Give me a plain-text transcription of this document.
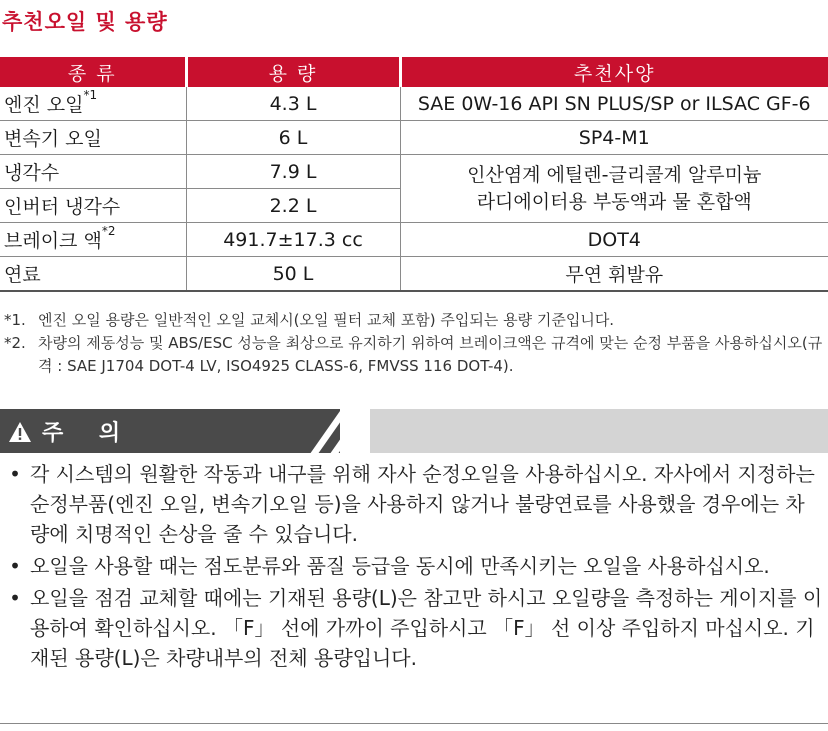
추천오일 및 용량
종 류	용 량	추천사양
엔진 오일$^{*1}$	4.3 L	SAE 0W-16 API SN PLUS/SP or ILSAC GF-6
변속기 오일	6 L	SP4-M1
냉각수	7.9 L	인산염계 에틸렌-글리콜계 알루미늄
라디에이터용 부동액과 물 혼합액

인버터 냉각수	2.2 L	
브레이크 액$^{*2}$	491.7±17.3 cc	DOT4
연료	50 L	무연 휘발유
*1. 엔진 오일 용량은 일반적인 오일 교체시(오일 필터 교체 포함) 주입되는 용량 기준입니다.
*2. 차량의 제동성능 및 ABS/ESC 성능을 최상으로 유지하기 위하여 브레이크액은 규격에 맞는 순정 부품을 사용하십시오(규격 : SAE J1704 DOT-4 LV, ISO4925 CLASS-6, FMVSS 116 DOT-4).
주 의
• 각 시스템의 원활한 작동과 내구를 위해 자사 순정오일을 사용하십시오. 자사에서 지정하는 순정부품(엔진 오일, 변속기오일 등)을 사용하지 않거나 불량연료를 사용했을 경우에는 차량에 치명적인 손상을 줄 수 있습니다.
• 오일을 사용할 때는 점도분류와 품질 등급을 동시에 만족시키는 오일을 사용하십시오.
• 오일을 점검 교체할 때에는 기재된 용량(L)은 참고만 하시고 오일량을 측정하는 게이지를 이용하여 확인하십시오. 「F」 선에 가까이 주입하시고 「F」 선 이상 주입하지 마십시오. 기재된 용량(L)은 차량내부의 전체 용량입니다.
